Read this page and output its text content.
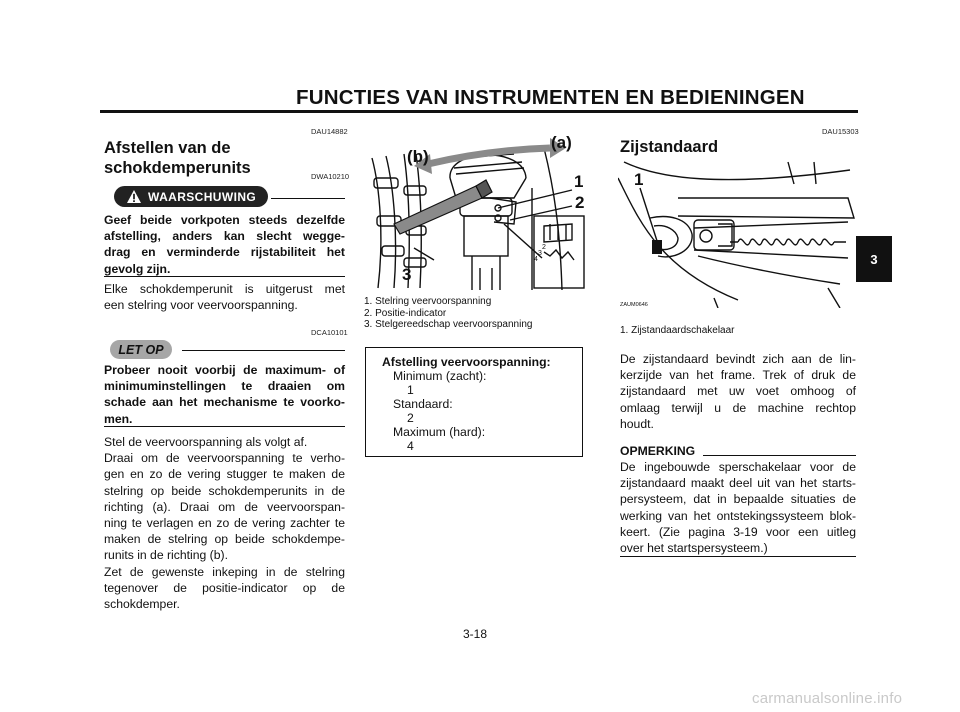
FUNCTIES VAN INSTRUMENTEN EN BEDIENINGEN
3
DAU14882
Afstellen van de
schokdemperunits	DWA10210
WAARSCHUWING
Geef beide vorkpoten steeds dezelfde
afstelling, anders kan slecht wegge-
drag en verminderde rijstabiliteit het
gevolg zijn.
Elke schokdemperunit is uitgerust met
een stelring voor veervoorspanning.
DCA10101
LET OP
Probeer nooit voorbij de maximum- of
minimuminstellingen te draaien om
schade aan het mechanisme te voorko-
men.
Stel de veervoorspanning als volgt af.
Draai om de veervoorspanning te verho-
gen en zo de vering stugger te maken de
stelring op beide schokdemperunits in de
richting (a). Draai om de veervoorspan-
ning te verlagen en zo de vering zachter te
maken de stelring op beide schokdempe-
runits in de richting (b).
Zet de gewenste inkeping in de stelring
tegenover de positie-indicator op de
schokdemper.
(a)
(b)
1
2
3
4
3
2
1. Stelring veervoorspanning
2. Positie-indicator
3. Stelgereedschap veervoorspanning
Afstelling veervoorspanning:
Minimum (zacht):
1
Standaard:
2
Maximum (hard):
4
DAU15303
Zijstandaard
1
ZAUM0646
1. Zijstandaardschakelaar
De zijstandaard bevindt zich aan de lin-
kerzijde van het frame. Trek of druk de
zijstandaard met uw voet omhoog of
omlaag terwijl u de machine rechtop
houdt.
OPMERKING
De ingebouwde sperschakelaar voor de
zijstandaard maakt deel uit van het starts-
persysteem, dat in bepaalde situaties de
werking van het ontstekingssysteem blok-
keert. (Zie pagina 3-19 voor een uitleg
over het startspersysteem.)
3-18
carmanualsonline.info
